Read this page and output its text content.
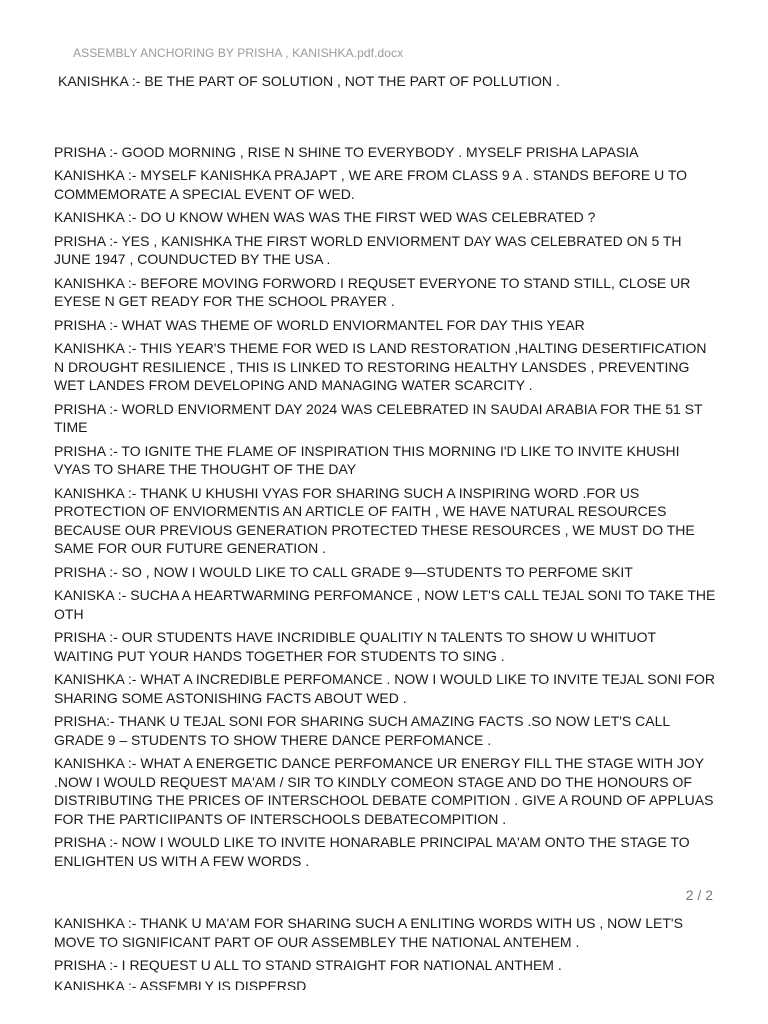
ASSEMBLY ANCHORING BY PRISHA , KANISHKA.pdf.docx

KANISHKA :- BE THE PART OF SOLUTION , NOT THE PART OF POLLUTION .

PRISHA :- GOOD MORNING , RISE N SHINE TO EVERYBODY . MYSELF PRISHA LAPASIA

KANISHKA :- MYSELF KANISHKA PRAJAPT , WE ARE FROM CLASS 9 A . STANDS BEFORE U TO COMMEMORATE A SPECIAL EVENT OF WED.

KANISHKA :- DO U KNOW WHEN WAS WAS THE FIRST WED WAS CELEBRATED ?

PRISHA :- YES , KANISHKA THE FIRST WORLD ENVIORMENT DAY WAS CELEBRATED ON 5 TH JUNE 1947 , COUNDUCTED BY THE USA .

KANISHKA :- BEFORE MOVING FORWORD I REQUSET EVERYONE TO STAND STILL, CLOSE UR EYESE N GET READY FOR THE SCHOOL PRAYER .

PRISHA :- WHAT WAS THEME OF WORLD ENVIORMANTEL FOR DAY THIS YEAR

KANISHKA :- THIS YEAR'S THEME FOR WED IS LAND RESTORATION ,HALTING DESERTIFICATION N DROUGHT RESILIENCE , THIS IS LINKED TO RESTORING HEALTHY LANSDES , PREVENTING WET LANDES FROM DEVELOPING AND MANAGING WATER SCARCITY .

PRISHA :- WORLD ENVIORMENT DAY 2024 WAS CELEBRATED IN SAUDAI ARABIA FOR THE 51 ST TIME

PRISHA :- TO IGNITE THE FLAME OF INSPIRATION THIS MORNING I'D LIKE TO INVITE KHUSHI VYAS TO SHARE THE THOUGHT OF THE DAY

KANISHKA :- THANK U KHUSHI VYAS FOR SHARING SUCH A INSPIRING WORD .FOR US PROTECTION OF ENVIORMENTIS AN ARTICLE OF FAITH , WE HAVE NATURAL RESOURCES BECAUSE OUR PREVIOUS GENERATION PROTECTED THESE RESOURCES , WE MUST DO THE SAME FOR OUR FUTURE GENERATION .

PRISHA :- SO , NOW I WOULD LIKE TO CALL GRADE 9—STUDENTS TO PERFOME SKIT

KANISKA :- SUCHA A HEARTWARMING PERFOMANCE , NOW LET'S CALL TEJAL SONI TO TAKE THE OTH

PRISHA :- OUR STUDENTS HAVE INCRIDIBLE QUALITIY N TALENTS TO SHOW U WHITUOT WAITING PUT YOUR HANDS TOGETHER FOR STUDENTS TO SING .

KANISHKA :- WHAT A INCREDIBLE PERFOMANCE . NOW I WOULD LIKE TO INVITE TEJAL SONI FOR SHARING SOME ASTONISHING FACTS ABOUT WED .

PRISHA:- THANK U TEJAL SONI FOR SHARING SUCH AMAZING FACTS .SO NOW LET'S CALL GRADE 9 – STUDENTS TO SHOW THERE DANCE PERFOMANCE .

KANISHKA :- WHAT A ENERGETIC DANCE PERFOMANCE UR ENERGY FILL THE STAGE WITH JOY .NOW I WOULD REQUEST MA'AM / SIR TO KINDLY COMEON STAGE AND DO THE HONOURS OF DISTRIBUTING THE PRICES OF INTERSCHOOL DEBATE COMPITION . GIVE A ROUND OF APPLUAS FOR THE PARTICIIPANTS OF INTERSCHOOLS DEBATECOMPITION .

PRISHA :- NOW I WOULD LIKE TO INVITE HONARABLE PRINCIPAL MA'AM ONTO THE STAGE TO ENLIGHTEN US WITH A FEW WORDS .

2 / 2

KANISHKA :- THANK U MA'AM FOR SHARING SUCH A ENLITING WORDS WITH US , NOW LET'S MOVE TO SIGNIFICANT PART OF OUR ASSEMBLEY THE NATIONAL ANTEHEM .

PRISHA :- I REQUEST U ALL TO STAND STRAIGHT FOR NATIONAL ANTHEM .

KANISHKA :- ASSEMBLY IS DISPERSD
